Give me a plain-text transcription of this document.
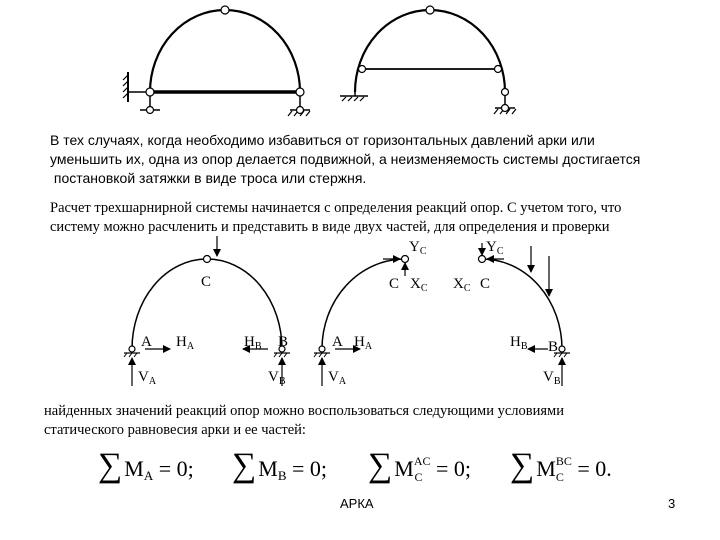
В тех случаях, когда необходимо избавиться от горизонтальных давлений арки или
уменьшить их, одна из опор делается подвижной, а неизменяемость системы достигается
постановкой затяжки в виде троса или стержня.
Расчет трехшарнирной системы начинается с определения реакций опор. С учетом того, что
систему можно расчленить и представить в виде двух частей, для определения и проверки
C
A $H_A$	$H_B$ B
$V_A$	$V_B$
C
$Y_C$
$X_C$
A $H_A$
$V_A$
$Y_C$
$X_C$ C
$H_B$ B
$V_B$
найденных значений реакций опор можно воспользоваться следующими условиями
статического равновесия арки и ее частей:
∑MA = 0; ∑MB = 0; $\sum M^{AC}$ C = 0; $\sum M^{BC}$ C = 0.
АРКА	3
